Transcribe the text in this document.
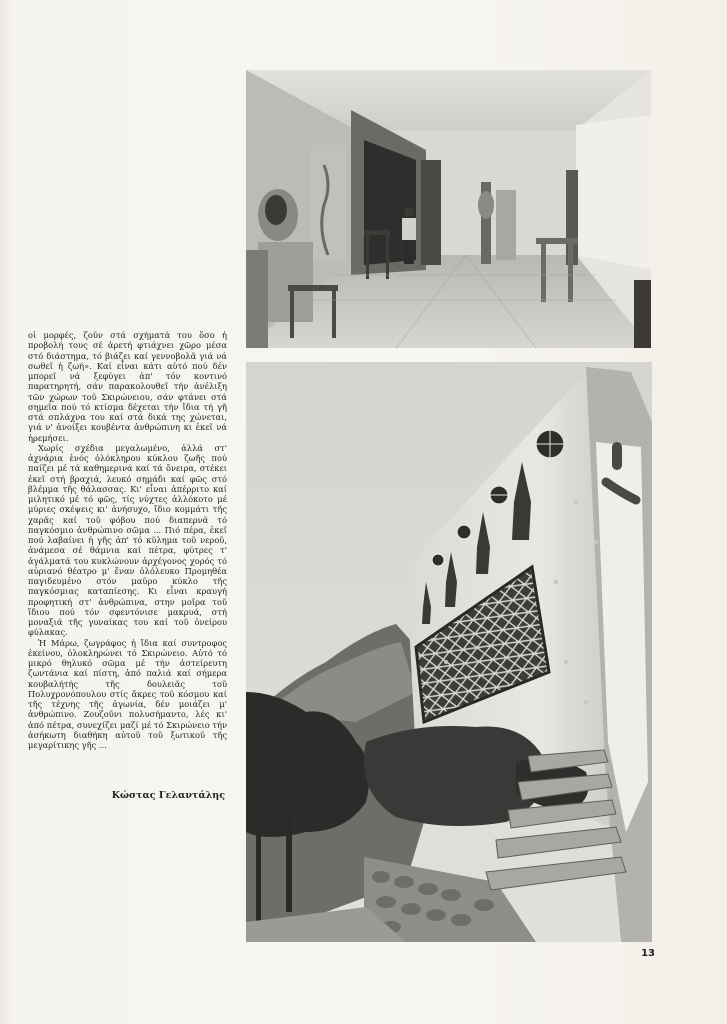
οἱ μορφές, ζοῦν στά σχήματά του ὅσο ἡ προβολή τους σέ ἀρετή φτιάχνει χῶρο μέσα στό διάστημα, τό βιάζει καί γεννοβολᾶ γιά νά σωθεῖ ἡ ζωή». Καί εἶναι κάτι αὐτό πού δέν μπορεῖ νά ξεφύγει ἀπ' τόν κοντινό παρατηρητή, σάν παρακολουθεῖ τήν ἀνέλιξη τῶν χώρων τοῦ Σκιρώνειου, σάν φτάνει στά σημεῖα πού τό κτίσμα δέχεται τήν ἴδια τή γῆ στά σπλάχνα του καί στά δικά της χώνεται, γιά ν' ἀνοίξει κουβέντα ἀνθρώπινη κι ἐκεῖ νά ἠρεμήσει.

Χωρίς σχέδια μεγαλωμένο, ἀλλά στ' ἀχνάρια ἑνός ὁλόκληρου κύκλου ζωῆς πού παίζει μέ τά καθημερινά καί τά ὄνειρα, στέκει ἐκεῖ στή βραχιά, λευκό σημάδι καί φῶς στό βλέμμα τῆς θάλασσας. Κι' εἶναι ἀπέρριτο καί μιλητικό μέ τό φῶς, τίς νύχτες ἀλλόκοτο μέ μύριες σκέψεις κι' ἀνήσυχο, ἴδιο κομμάτι τῆς χαρᾶς καί τοῦ φόβου πού διαπερνᾶ τό παγκόσμιο ἀνθρώπινο σῶμα ... Πιό πέρα, ἐκεῖ πού λαβαίνει ἡ γῆς ἀπ' τό κῦλημα τοῦ νεροῦ, ἀνάμεσα σέ θάμνια καί πέτρα, φύτρες τ' ἀγάλματά του κυκλώνουν ἀρχέγονος χορός τό αὐριανό θέατρο μ' ἕναν ὁλόλευκο Προμηθέα παγιδευμένο στόν μαῦρο κύκλο τῆς παγκόσμιας καταπίεσης. Κι εἶναι κραυγή προφητική στ' ἀνθρώπινα, στην μοῖρα τοῦ ἴδιου πού τόν σφεντόνισε μακρυά, στή μοναξιά τῆς γυναίκας του καί τοῦ ὀνείρου φύλακας.

Ἡ Μάρω, ζωγράφος ἡ ἴδια καί συντροφος ἐκείνου, ὁλοκληρώνει τό Σκιρώνειο. Αὐτό τό μικρό θηλυκό σῶμα μέ τήν ἀστείρευτη ζωντάνια καί πίστη, ἀπό παλιά καί σήμερα κουβαλήτής τῆς δουλειᾶς τοῦ Πολυχρονόπουλου στίς ἄκρες τοῦ κόσμου καί τῆς τέχνης τῆς ἀγωνία, δέν μοιάζει μ' ἀνθρώπινο. Ζουζοῦνι πολυσήμαντο, λές κι' ἀπό πέτρα, συνεχίζει μαζί μέ τό Σκιρώνειο τήν ἀσήκωτη διαθήκη αὐτοῦ τοῦ ξωτικοῦ τῆς μεγαρίτικης γῆς ...

Κώστας Γελαντάλης
13
